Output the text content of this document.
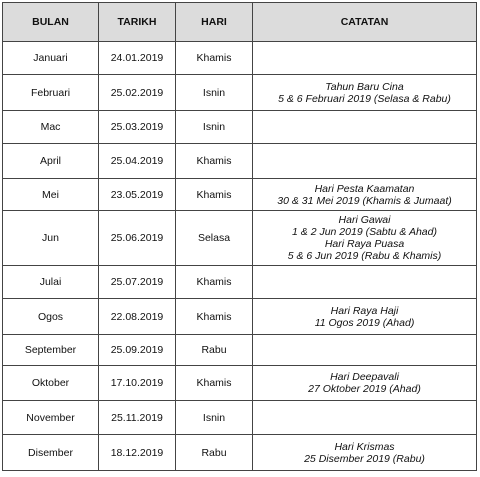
BULAN	TARIKH	HARI	CATATAN
Januari	24.01.2019	Khamis	
Februari	25.02.2019	Isnin	Tahun Baru Cina
5 & 6 Februari 2019 (Selasa & Rabu)

Mac	25.03.2019	Isnin	
April	25.04.2019	Khamis	
Mei	23.05.2019	Khamis	Hari Pesta Kaamatan
30 & 31 Mei 2019 (Khamis & Jumaat)

Jun	25.06.2019	Selasa	Hari Gawai
1 & 2 Jun 2019 (Sabtu & Ahad)
Hari Raya Puasa
5 & 6 Jun 2019 (Rabu & Khamis)

Julai	25.07.2019	Khamis	
Ogos	22.08.2019	Khamis	Hari Raya Haji
11 Ogos 2019 (Ahad)

September	25.09.2019	Rabu	
Oktober	17.10.2019	Khamis	Hari Deepavali
27 Oktober 2019 (Ahad)

November	25.11.2019	Isnin	
Disember	18.12.2019	Rabu	Hari Krismas
25 Disember 2019 (Rabu)
